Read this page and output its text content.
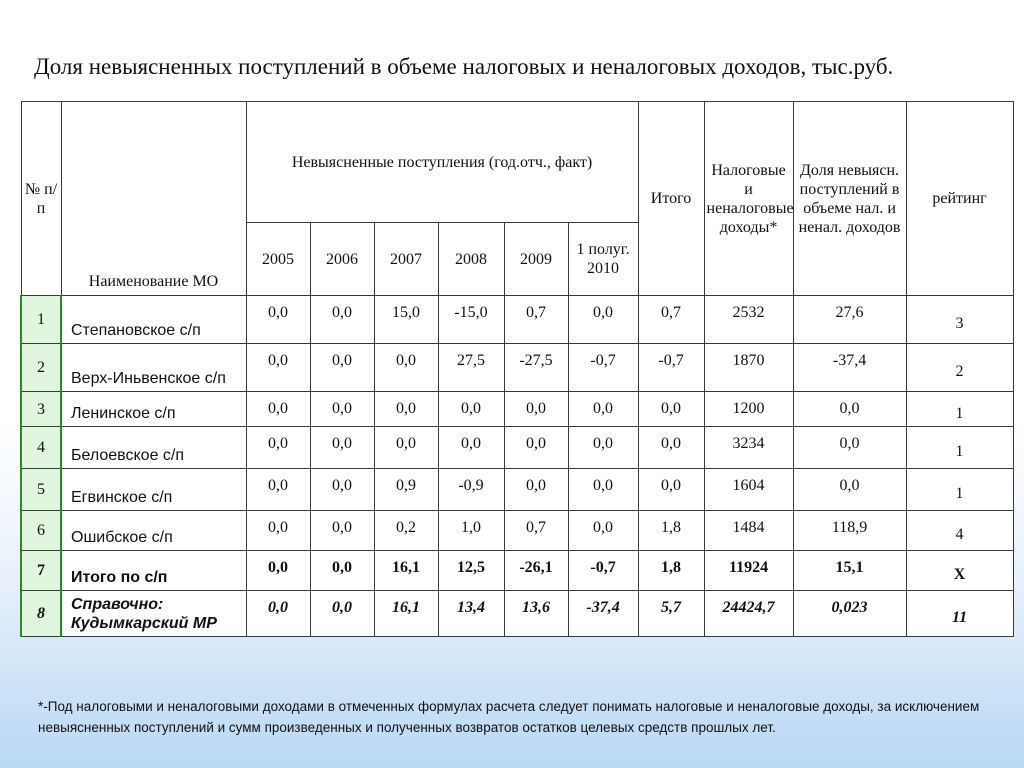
Доля невыясненных поступлений в объеме налоговых и неналоговых доходов, тыс.руб.
№ п/п	Наименование МО	Невыясненные поступления (год.отч., факт)						Итого	Налоговые и неналоговые доходы*	Доля невыясн. поступлений в объеме нал. и ненал. доходов	рейтинг
		2005	2006	2007	2008	2009	1 полуг. 2010				
1	Степановское с/п	0,0	0,0	15,0	-15,0	0,7	0,0	0,7	2532	27,6	3
2	Верх-Иньвенское с/п	0,0	0,0	0,0	27,5	-27,5	-0,7	-0,7	1870	-37,4	2
3	Ленинское с/п	0,0	0,0	0,0	0,0	0,0	0,0	0,0	1200	0,0	1
4	Белоевское с/п	0,0	0,0	0,0	0,0	0,0	0,0	0,0	3234	0,0	1
5	Егвинское с/п	0,0	0,0	0,9	-0,9	0,0	0,0	0,0	1604	0,0	1
6	Ошибское с/п	0,0	0,0	0,2	1,0	0,7	0,0	1,8	1484	118,9	4
7	Итого по с/п	0,0	0,0	16,1	12,5	-26,1	-0,7	1,8	11924	15,1	Х
8	Справочно: Кудымкарский МР	0,0	0,0	16,1	13,4	13,6	-37,4	5,7	24424,7	0,023	11
*-Под налоговыми и неналоговыми доходами в отмеченных формулах расчета следует понимать налоговые и неналоговые доходы, за исключением невыясненных поступлений и сумм произведенных и полученных возвратов остатков целевых средств прошлых лет.
